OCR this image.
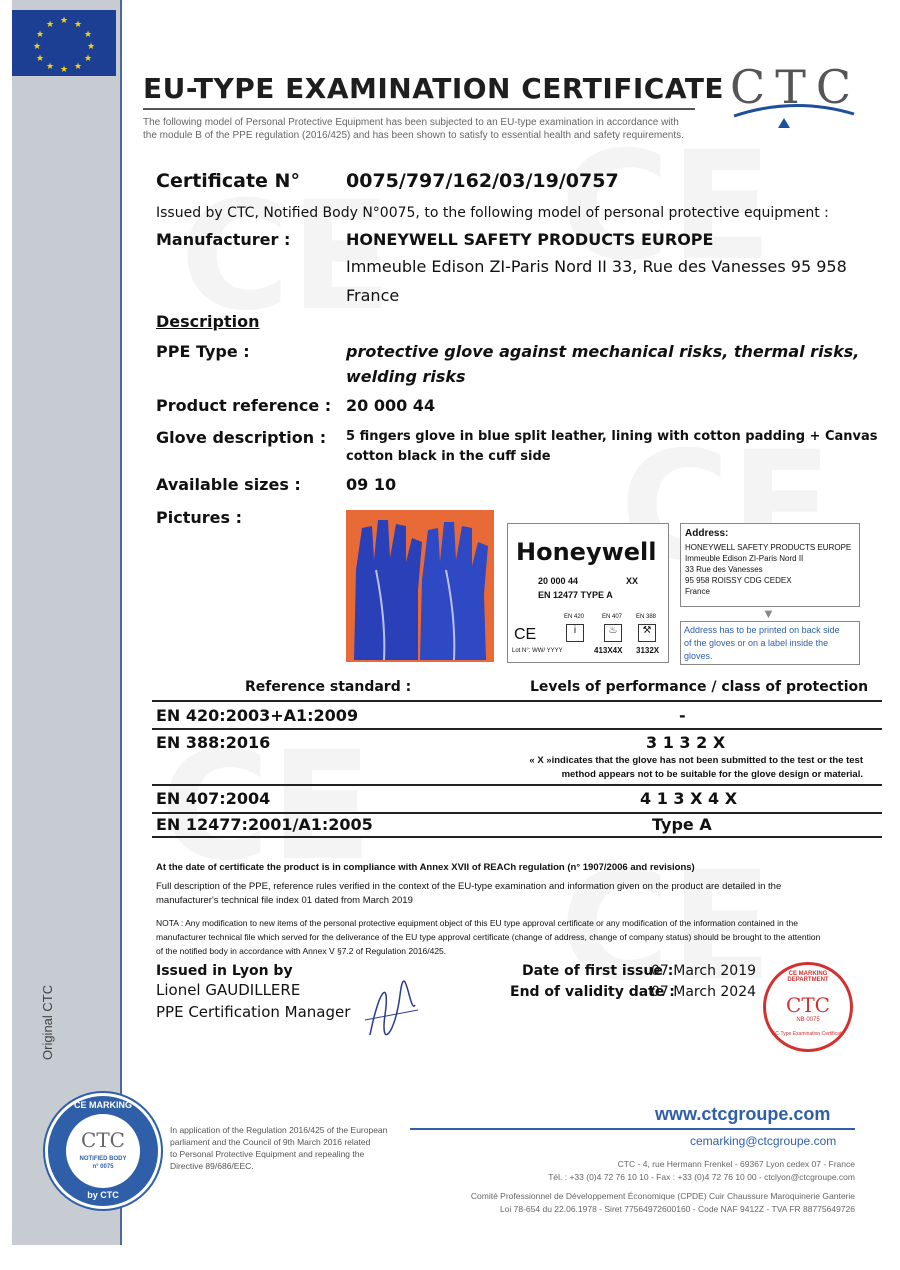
★ ★
★
★
★
★
★
★
★
★
★
★
Original CTC
EU-TYPE EXAMINATION CERTIFICATE
The following model of Personal Protective Equipment has been subjected to an EU-type examination in accordance with
the module B of the PPE regulation (2016/425) and has been shown to satisfy to essential health and safety requirements.
CTC
Certificate N° 0075/797/162/03/19/0757
Issued by CTC, Notified Body N°0075, to the following model of personal protective equipment :
Manufacturer :	HONEYWELL SAFETY PRODUCTS EUROPE
Immeuble Edison ZI-Paris Nord II 33, Rue des Vanesses 95 958
France
Description
PPE Type :	protective glove against mechanical risks, thermal risks,
welding risks
Product reference : 20 000 44
Glove description : 5 fingers glove in blue split leather, lining with cotton padding + Canvas
cotton black in the cuff side
Available sizes :	09 10
Pictures :
Honeywell
20 000 44	XX
EN 12477 TYPE A
EN 420	EN 407 EN 388
CE	i	♨	⚒
Lot N°: WW/ YYYY	413X4X 3132X
Address:
HONEYWELL SAFETY PRODUCTS EUROPE
Immeuble Edison ZI-Paris Nord II
33 Rue des Vanesses
95 958 ROISSY CDG CEDEX
France
▼
Address has to be printed on back side
of the gloves or on a label inside the
gloves.
Reference standard :	Levels of performance / class of protection
EN 420:2003+A1:2009	-
EN 388:2016	3 1 3 2 X
« X »indicates that the glove has not been submitted to the test or the test
method appears not to be suitable for the glove design or material.
EN 407:2004	4 1 3 X 4 X
EN 12477:2001/A1:2005	Type A
At the date of certificate the product is in compliance with Annex XVII of REACh regulation (n° 1907/2006 and revisions)
Full description of the PPE, reference rules verified in the context of the EU-type examination and information given on the product are detailed in the
manufacturer's technical file index 01 dated from March 2019
NOTA : Any modification to new items of the personal protective equipment object of this EU type approval certificate or any modification of the information contained in the
manufacturer technical file which served for the deliverance of the EU type approval certificate (change of address, change of company status) should be brought to the attention
of the notified body in accordance with Annex V §7.2 of Regulation 2016/425.
Issued in Lyon by
Lionel GAUDILLERE
PPE Certification Manager
Date of first issue :
07 March 2019
End of validity date :
07 March 2024
CE MARKING DEPARTMENT
CTC
NB 0075
EC-Type Examination Certificate
CE MARKING
CTC
NOTIFIED BODY
n° 0075
by CTC
In application of the Regulation 2016/425 of the European
parliament and the Council of 9th March 2016 related
to Personal Protective Equipment and repealing the
Directive 89/686/EEC.
www.ctcgroupe.com
cemarking@ctcgroupe.com
CTC - 4, rue Hermann Frenkel - 69367 Lyon cedex 07 - France
Tél. : +33 (0)4 72 76 10 10 - Fax : +33 (0)4 72 76 10 00 - ctclyon@ctcgroupe.com
Comité Professionnel de Développement Économique (CPDE) Cuir Chaussure Maroquinerie Ganterie
Loi 78-654 du 22.06.1978 - Siret 77564972600160 - Code NAF 9412Z - TVA FR 88775649726
